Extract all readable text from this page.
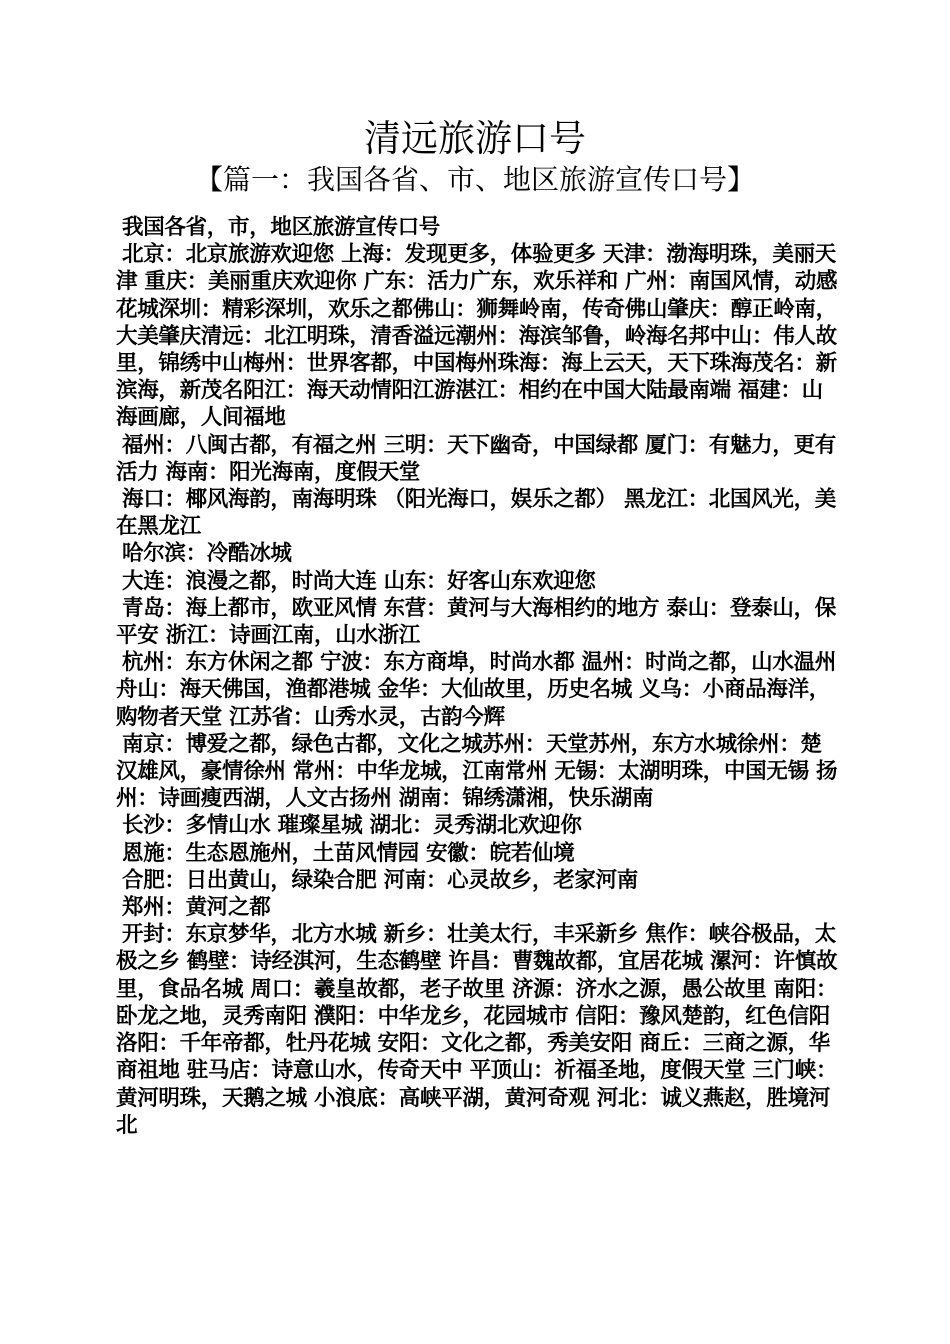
清远旅游口号
【篇一：我国各省、市、地区旅游宣传口号】

我国各省，市，地区旅游宣传口号

北京：北京旅游欢迎您 上海：发现更多，体验更多 天津：渤海明珠，美丽天津 重庆：美丽重庆欢迎你 广东：活力广东，欢乐祥和 广州：南国风情，动感花城深圳：精彩深圳，欢乐之都佛山：狮舞岭南，传奇佛山肇庆：醇正岭南，大美肇庆清远：北江明珠，清香溢远潮州：海滨邹鲁，岭海名邦中山：伟人故里，锦绣中山梅州：世界客都，中国梅州珠海：海上云天，天下珠海茂名：新滨海，新茂名阳江：海天动情阳江游湛江：相约在中国大陆最南端 福建：山海画廊，人间福地

福州：八闽古都，有福之州 三明：天下幽奇，中国绿都 厦门：有魅力，更有活力 海南：阳光海南，度假天堂

海口：椰风海韵，南海明珠 （阳光海口，娱乐之都） 黑龙江：北国风光，美在黑龙江

哈尔滨：冷酷冰城

大连：浪漫之都，时尚大连 山东：好客山东欢迎您

青岛：海上都市，欧亚风情 东营：黄河与大海相约的地方 泰山：登泰山，保平安 浙江：诗画江南，山水浙江

杭州：东方休闲之都 宁波：东方商埠，时尚水都 温州：时尚之都，山水温州 舟山：海天佛国，渔都港城 金华：大仙故里，历史名城 义乌：小商品海洋，购物者天堂 江苏省：山秀水灵，古韵今辉

南京：博爱之都，绿色古都，文化之城苏州：天堂苏州，东方水城徐州：楚汉雄风，豪情徐州 常州：中华龙城，江南常州 无锡：太湖明珠，中国无锡 扬州：诗画瘦西湖，人文古扬州 湖南：锦绣潇湘，快乐湖南

长沙：多情山水 璀璨星城 湖北：灵秀湖北欢迎你

恩施：生态恩施州，土苗风情园 安徽：皖若仙境

合肥：日出黄山，绿染合肥 河南：心灵故乡，老家河南

郑州：黄河之都

开封：东京梦华，北方水城 新乡：壮美太行，丰采新乡 焦作：峡谷极品，太极之乡 鹤壁：诗经淇河，生态鹤壁 许昌：曹魏故都，宜居花城 漯河：许慎故里，食品名城 周口：羲皇故都，老子故里 济源：济水之源，愚公故里 南阳：卧龙之地，灵秀南阳 濮阳：中华龙乡，花园城市 信阳：豫风楚韵，红色信阳 洛阳：千年帝都，牡丹花城 安阳：文化之都，秀美安阳 商丘：三商之源，华商祖地 驻马店：诗意山水，传奇天中 平顶山：祈福圣地，度假天堂 三门峡：黄河明珠，天鹅之城 小浪底：高峡平湖，黄河奇观 河北：诚义燕赵，胜境河北
